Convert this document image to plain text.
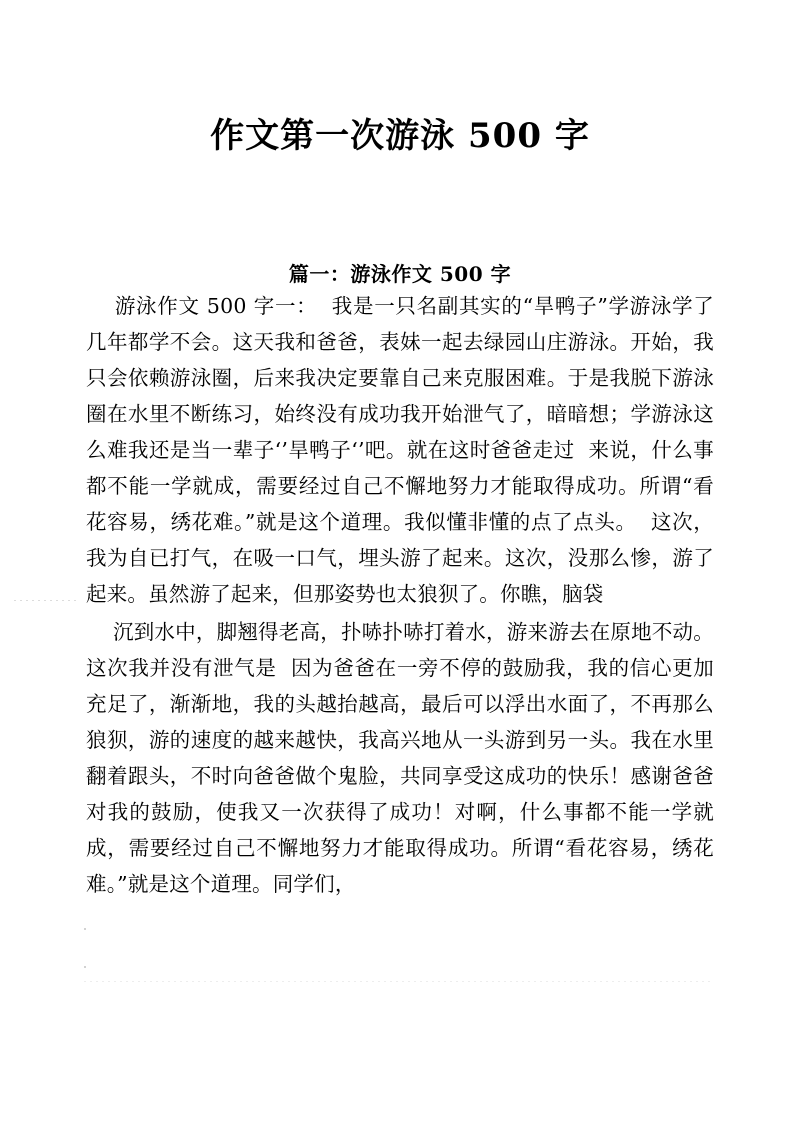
作文第一次游泳 500 字
篇一：游泳作文 500 字

游泳作文 500 字一：  我是一只名副其实的“旱鸭子”学游泳学了几年都学不会。这天我和爸爸，表妹一起去绿园山庄游泳。开始，我只会依赖游泳圈，后来我决定要靠自己来克服困难。于是我脱下游泳圈在水里不断练习，始终没有成功我开始泄气了，暗暗想；学游泳这么难我还是当一辈子‘’旱鸭子‘’吧。就在这时爸爸走过  来说，什么事都不能一学就成，需要经过自己不懈地努力才能取得成功。所谓“看花容易，绣花难。”就是这个道理。我似懂非懂的点了点头。  这次，我为自已打气，在吸一口气，埋头游了起来。这次，没那么惨，游了起来。虽然游了起来，但那姿势也太狼狈了。你瞧，脑袋

沉到水中，脚翘得老高，扑哧扑哧打着水，游来游去在原地不动。这次我并没有泄气是  因为爸爸在一旁不停的鼓励我，我的信心更加充足了，渐渐地，我的头越抬越高，最后可以浮出水面了，不再那么狼狈，游的速度的越来越快，我高兴地从一头游到另一头。我在水里翻着跟头，不时向爸爸做个鬼脸，共同享受这成功的快乐！感谢爸爸对我的鼓励，使我又一次获得了成功！对啊，什么事都不能一学就成，需要经过自己不懈地努力才能取得成功。所谓“看花容易，绣花难。”就是这个道理。同学们，
